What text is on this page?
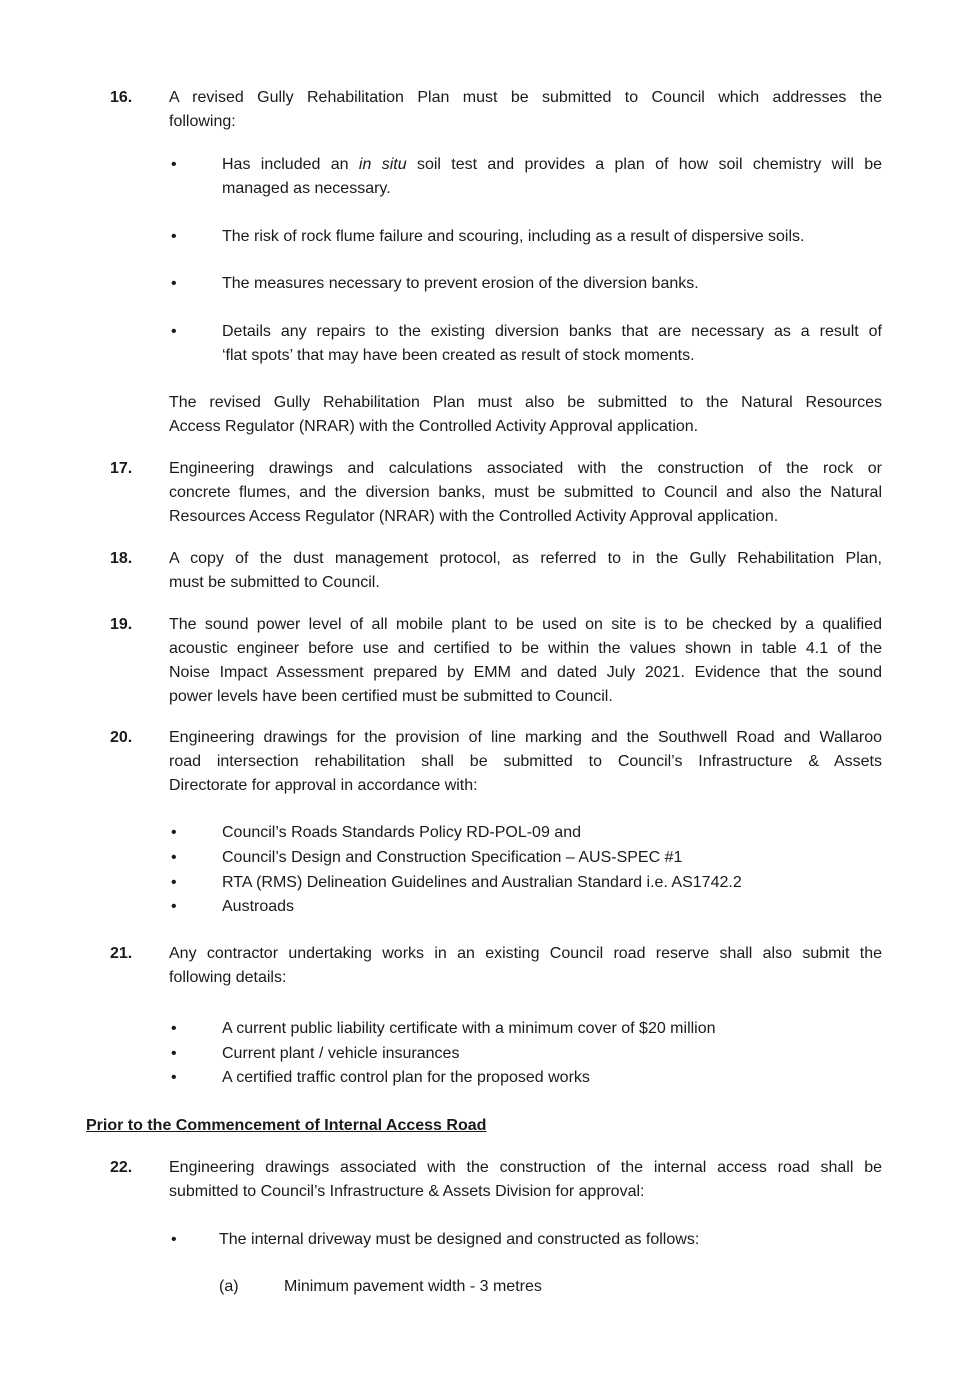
16. A revised Gully Rehabilitation Plan must be submitted to Council which addresses the
following:
•	Has included an in situ soil test and provides a plan of how soil chemistry will be
managed as necessary.
•	The risk of rock flume failure and scouring, including as a result of dispersive soils.
•	The measures necessary to prevent erosion of the diversion banks.
•	Details any repairs to the existing diversion banks that are necessary as a result of
‘flat spots’ that may have been created as result of stock moments.
The revised Gully Rehabilitation Plan must also be submitted to the Natural Resources
Access Regulator (NRAR) with the Controlled Activity Approval application.
17. Engineering drawings and calculations associated with the construction of the rock or
concrete flumes, and the diversion banks, must be submitted to Council and also the Natural
Resources Access Regulator (NRAR) with the Controlled Activity Approval application.
18. A copy of the dust management protocol, as referred to in the Gully Rehabilitation Plan,
must be submitted to Council.
19. The sound power level of all mobile plant to be used on site is to be checked by a qualified
acoustic engineer before use and certified to be within the values shown in table 4.1 of the
Noise Impact Assessment prepared by EMM and dated July 2021. Evidence that the sound
power levels have been certified must be submitted to Council.
20. Engineering drawings for the provision of line marking and the Southwell Road and Wallaroo
road intersection rehabilitation shall be submitted to Council’s Infrastructure & Assets
Directorate for approval in accordance with:
•	Council’s Roads Standards Policy RD-POL-09 and
•	Council’s Design and Construction Specification – AUS-SPEC #1
•	RTA (RMS) Delineation Guidelines and Australian Standard i.e. AS1742.2
•	Austroads
21. Any contractor undertaking works in an existing Council road reserve shall also submit the
following details:
•	A current public liability certificate with a minimum cover of $20 million
•	Current plant / vehicle insurances
•	A certified traffic control plan for the proposed works
Prior to the Commencement of Internal Access Road
22. Engineering drawings associated with the construction of the internal access road shall be
submitted to Council’s Infrastructure & Assets Division for approval:
•	The internal driveway must be designed and constructed as follows:
(a)	Minimum pavement width - 3 metres
